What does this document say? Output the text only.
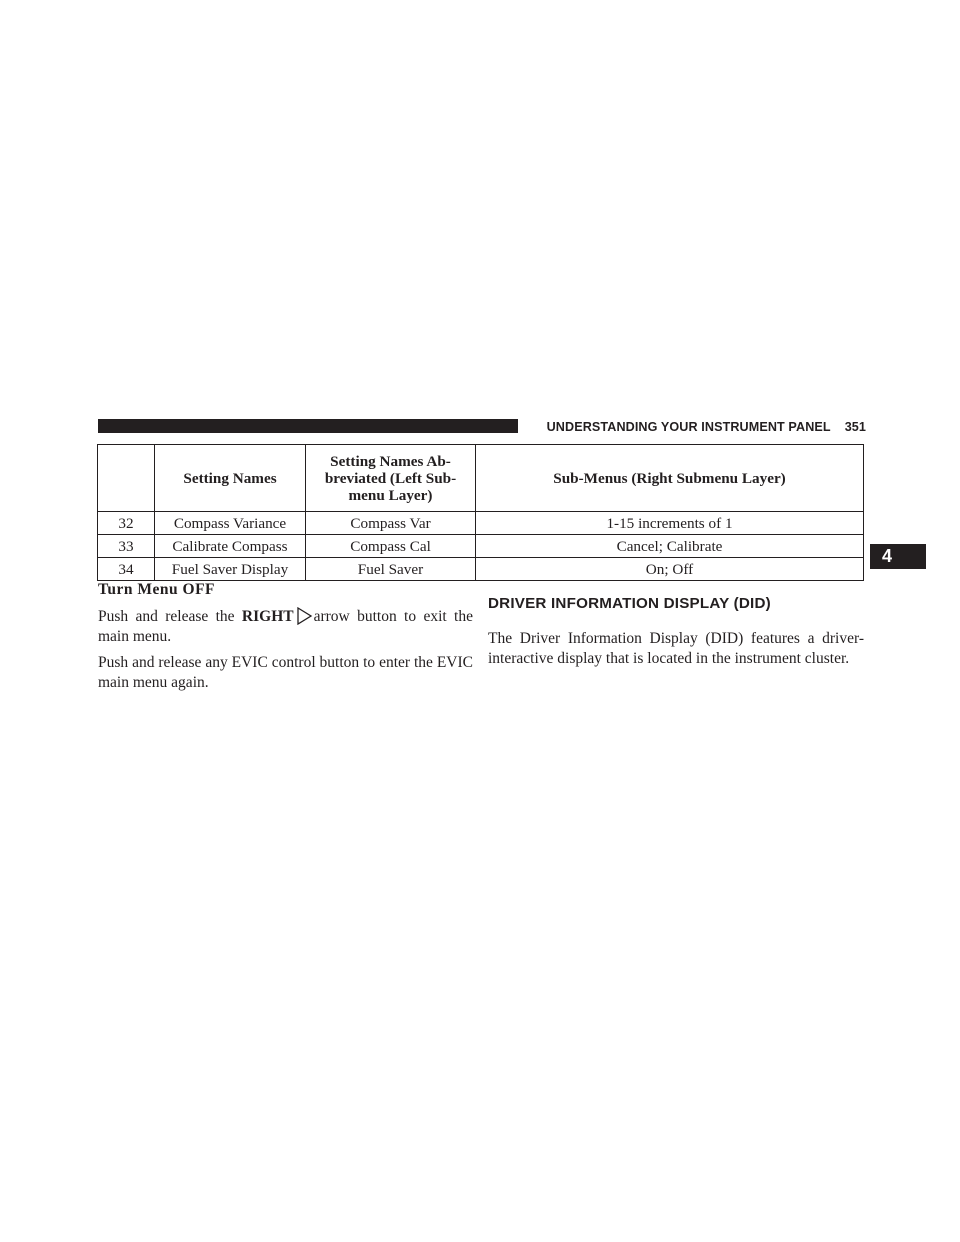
UNDERSTANDING YOUR INSTRUMENT PANEL 351
4
	Setting Names	Setting Names Ab-
breviated (Left Sub-
menu Layer)	Sub-Menus (Right Submenu Layer)
32	Compass Variance	Compass Var	1-15 increments of 1
33	Calibrate Compass	Compass Cal	Cancel; Calibrate
34	Fuel Saver Display	Fuel Saver	On; Off
Turn Menu OFF

Push and release the RIGHT arrow button to exit the main menu.

Push and release any EVIC control button to enter the EVIC main menu again.

DRIVER INFORMATION DISPLAY (DID)

The Driver Information Display (DID) features a driver-interactive display that is located in the instrument cluster.
